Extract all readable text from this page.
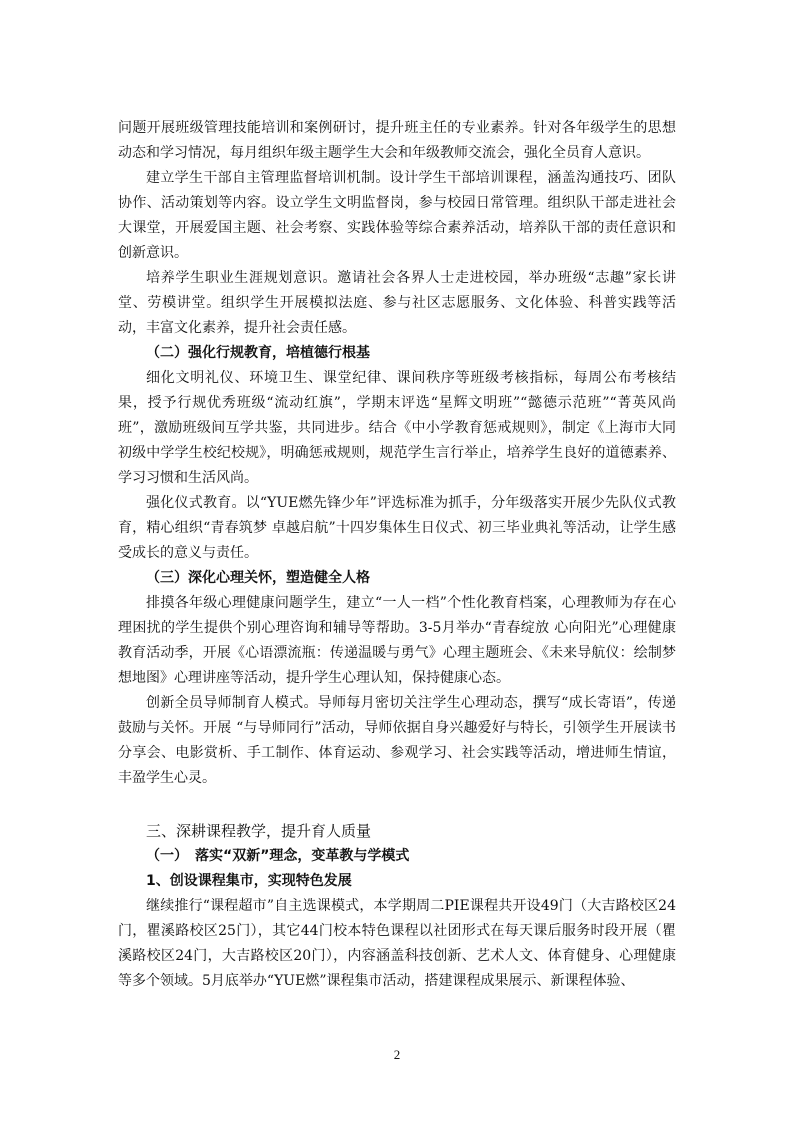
问题开展班级管理技能培训和案例研讨，提升班主任的专业素养。针对各年级学生的思想动态和学习情况，每月组织年级主题学生大会和年级教师交流会，强化全员育人意识。

建立学生干部自主管理监督培训机制。设计学生干部培训课程，涵盖沟通技巧、团队协作、活动策划等内容。设立学生文明监督岗，参与校园日常管理。组织队干部走进社会大课堂，开展爱国主题、社会考察、实践体验等综合素养活动，培养队干部的责任意识和创新意识。

培养学生职业生涯规划意识。邀请社会各界人士走进校园，举办班级“志趣”家长讲堂、劳模讲堂。组织学生开展模拟法庭、参与社区志愿服务、文化体验、科普实践等活动，丰富文化素养，提升社会责任感。

（二）强化行规教育，培植德行根基

细化文明礼仪、环境卫生、课堂纪律、课间秩序等班级考核指标，每周公布考核结果，授予行规优秀班级“流动红旗”，学期末评选“星辉文明班”“懿德示范班”“菁英风尚班”，激励班级间互学共鉴，共同进步。结合《中小学教育惩戒规则》，制定《上海市大同初级中学学生校纪校规》，明确惩戒规则，规范学生言行举止，培养学生良好的道德素养、学习习惯和生活风尚。

强化仪式教育。以“YUE燃先锋少年”评选标准为抓手，分年级落实开展少先队仪式教育，精心组织“青春筑梦 卓越启航”十四岁集体生日仪式、初三毕业典礼等活动，让学生感受成长的意义与责任。

（三）深化心理关怀，塑造健全人格

排摸各年级心理健康问题学生，建立“一人一档”个性化教育档案，心理教师为存在心理困扰的学生提供个别心理咨询和辅导等帮助。3-5月举办“青春绽放 心向阳光”心理健康教育活动季，开展《心语漂流瓶：传递温暖与勇气》心理主题班会、《未来导航仪：绘制梦想地图》心理讲座等活动，提升学生心理认知，保持健康心态。

创新全员导师制育人模式。导师每月密切关注学生心理动态，撰写“成长寄语”，传递鼓励与关怀。开展 “与导师同行”活动，导师依据自身兴趣爱好与特长，引领学生开展读书分享会、电影赏析、手工制作、体育运动、参观学习、社会实践等活动，增进师生情谊，丰盈学生心灵。

三、深耕课程教学，提升育人质量

（一）　落实“双新”理念，变革教与学模式

1、创设课程集市，实现特色发展

继续推行“课程超市”自主选课模式，本学期周二PIE课程共开设49门（大吉路校区24门，瞿溪路校区25门），其它44门校本特色课程以社团形式在每天课后服务时段开展（瞿溪路校区24门，大吉路校区20门），内容涵盖科技创新、艺术人文、体育健身、心理健康等多个领域。5月底举办“YUE燃”课程集市活动，搭建课程成果展示、新课程体验、

2
